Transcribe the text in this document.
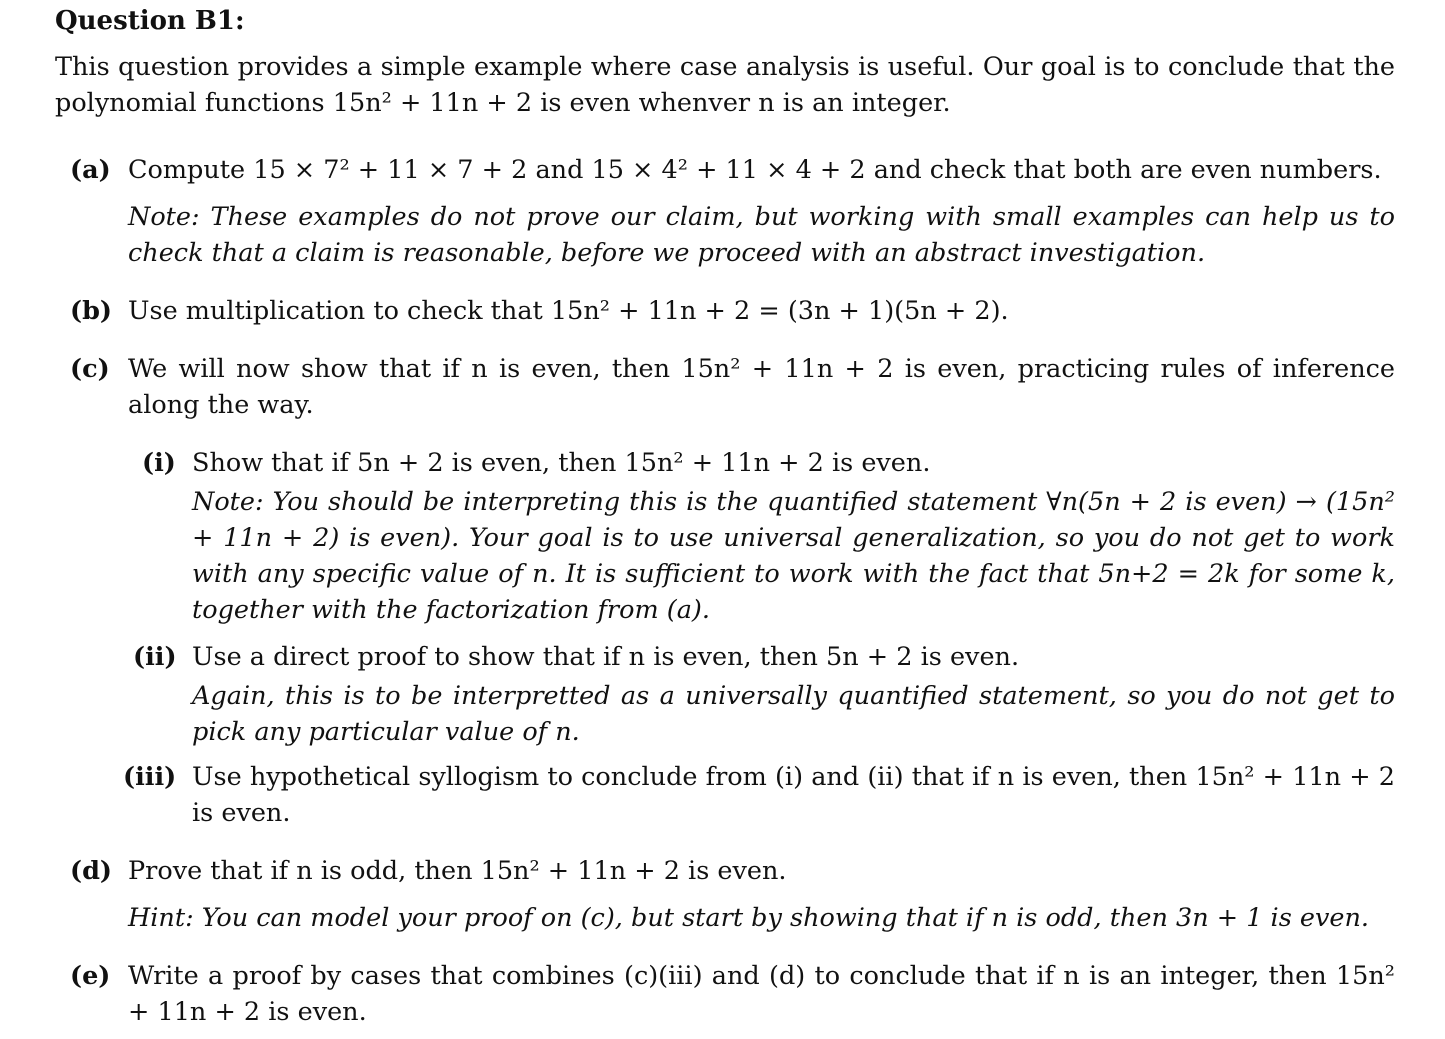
Question B1:
This question provides a simple example where case analysis is useful. Our goal is to conclude that the polynomial functions 15n² + 11n + 2 is even whenver n is an integer.
(a) Compute 15 × 7² + 11 × 7 + 2 and 15 × 4² + 11 × 4 + 2 and check that both are even numbers.
Note: These examples do not prove our claim, but working with small examples can help us to check that a claim is reasonable, before we proceed with an abstract investigation.
(b) Use multiplication to check that 15n² + 11n + 2 = (3n + 1)(5n + 2).
(c) We will now show that if n is even, then 15n² + 11n + 2 is even, practicing rules of inference along the way.
(i) Show that if 5n + 2 is even, then 15n² + 11n + 2 is even.
Note: You should be interpreting this is the quantified statement ∀n(5n + 2 is even) → (15n² + 11n + 2) is even). Your goal is to use universal generalization, so you do not get to work with any specific value of n. It is sufficient to work with the fact that 5n+2 = 2k for some k, together with the factorization from (a).
(ii) Use a direct proof to show that if n is even, then 5n + 2 is even.
Again, this is to be interpretted as a universally quantified statement, so you do not get to pick any particular value of n.
(iii) Use hypothetical syllogism to conclude from (i) and (ii) that if n is even, then 15n² + 11n + 2 is even.
(d) Prove that if n is odd, then 15n² + 11n + 2 is even.
Hint: You can model your proof on (c), but start by showing that if n is odd, then 3n + 1 is even.
(e) Write a proof by cases that combines (c)(iii) and (d) to conclude that if n is an integer, then 15n² + 11n + 2 is even.
